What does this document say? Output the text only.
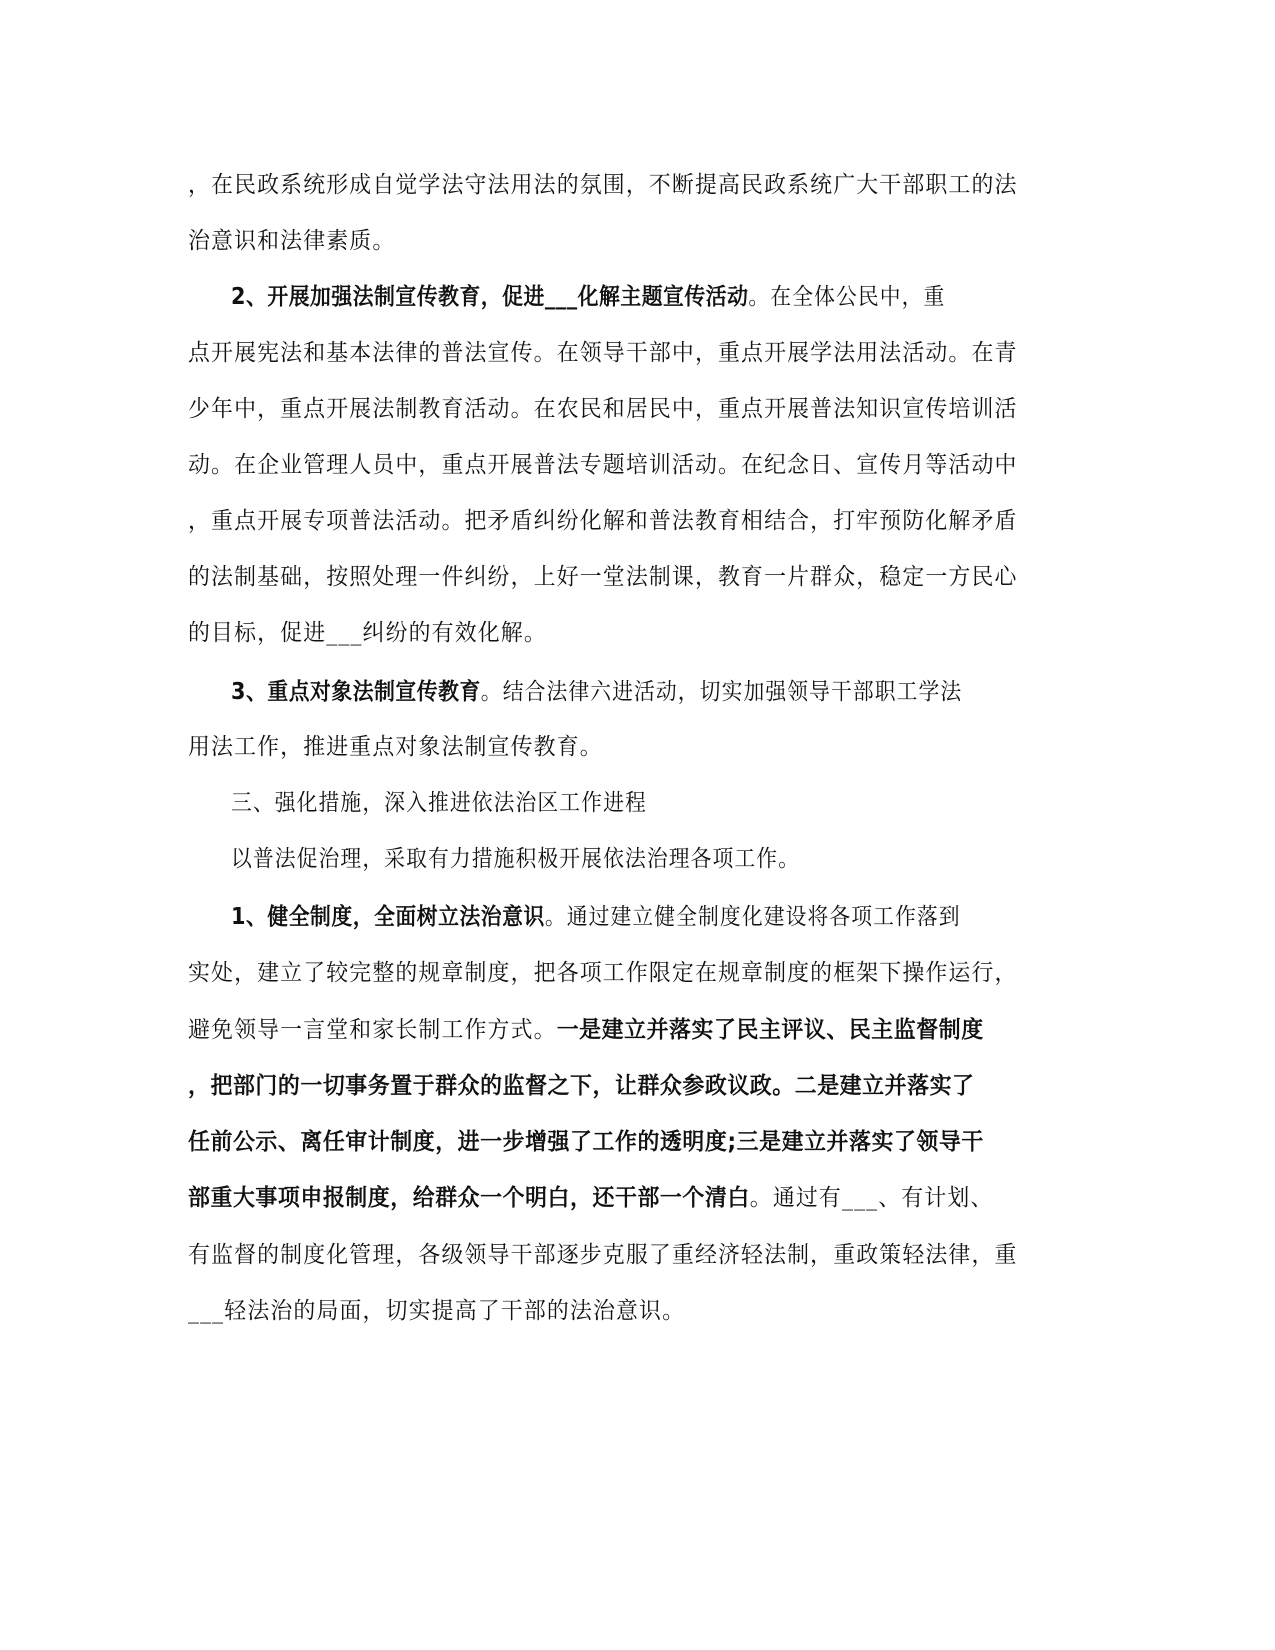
，在民政系统形成自觉学法守法用法的氛围，不断提高民政系统广大干部职工的法
治意识和法律素质。
2、开展加强法制宣传教育，促进___化解主题宣传活动。在全体公民中，重
点开展宪法和基本法律的普法宣传。在领导干部中，重点开展学法用法活动。在青
少年中，重点开展法制教育活动。在农民和居民中，重点开展普法知识宣传培训活
动。在企业管理人员中，重点开展普法专题培训活动。在纪念日、宣传月等活动中
，重点开展专项普法活动。把矛盾纠纷化解和普法教育相结合，打牢预防化解矛盾
的法制基础，按照处理一件纠纷，上好一堂法制课，教育一片群众，稳定一方民心
的目标，促进___纠纷的有效化解。
3、重点对象法制宣传教育。结合法律六进活动，切实加强领导干部职工学法
用法工作，推进重点对象法制宣传教育。
三、强化措施，深入推进依法治区工作进程
以普法促治理，采取有力措施积极开展依法治理各项工作。
1、健全制度，全面树立法治意识。通过建立健全制度化建设将各项工作落到
实处，建立了较完整的规章制度，把各项工作限定在规章制度的框架下操作运行，
避免领导一言堂和家长制工作方式。一是建立并落实了民主评议、民主监督制度
，把部门的一切事务置于群众的监督之下，让群众参政议政。二是建立并落实了
任前公示、离任审计制度，进一步增强了工作的透明度;三是建立并落实了领导干
部重大事项申报制度，给群众一个明白，还干部一个清白。通过有___、有计划、
有监督的制度化管理，各级领导干部逐步克服了重经济轻法制，重政策轻法律，重
___轻法治的局面，切实提高了干部的法治意识。
